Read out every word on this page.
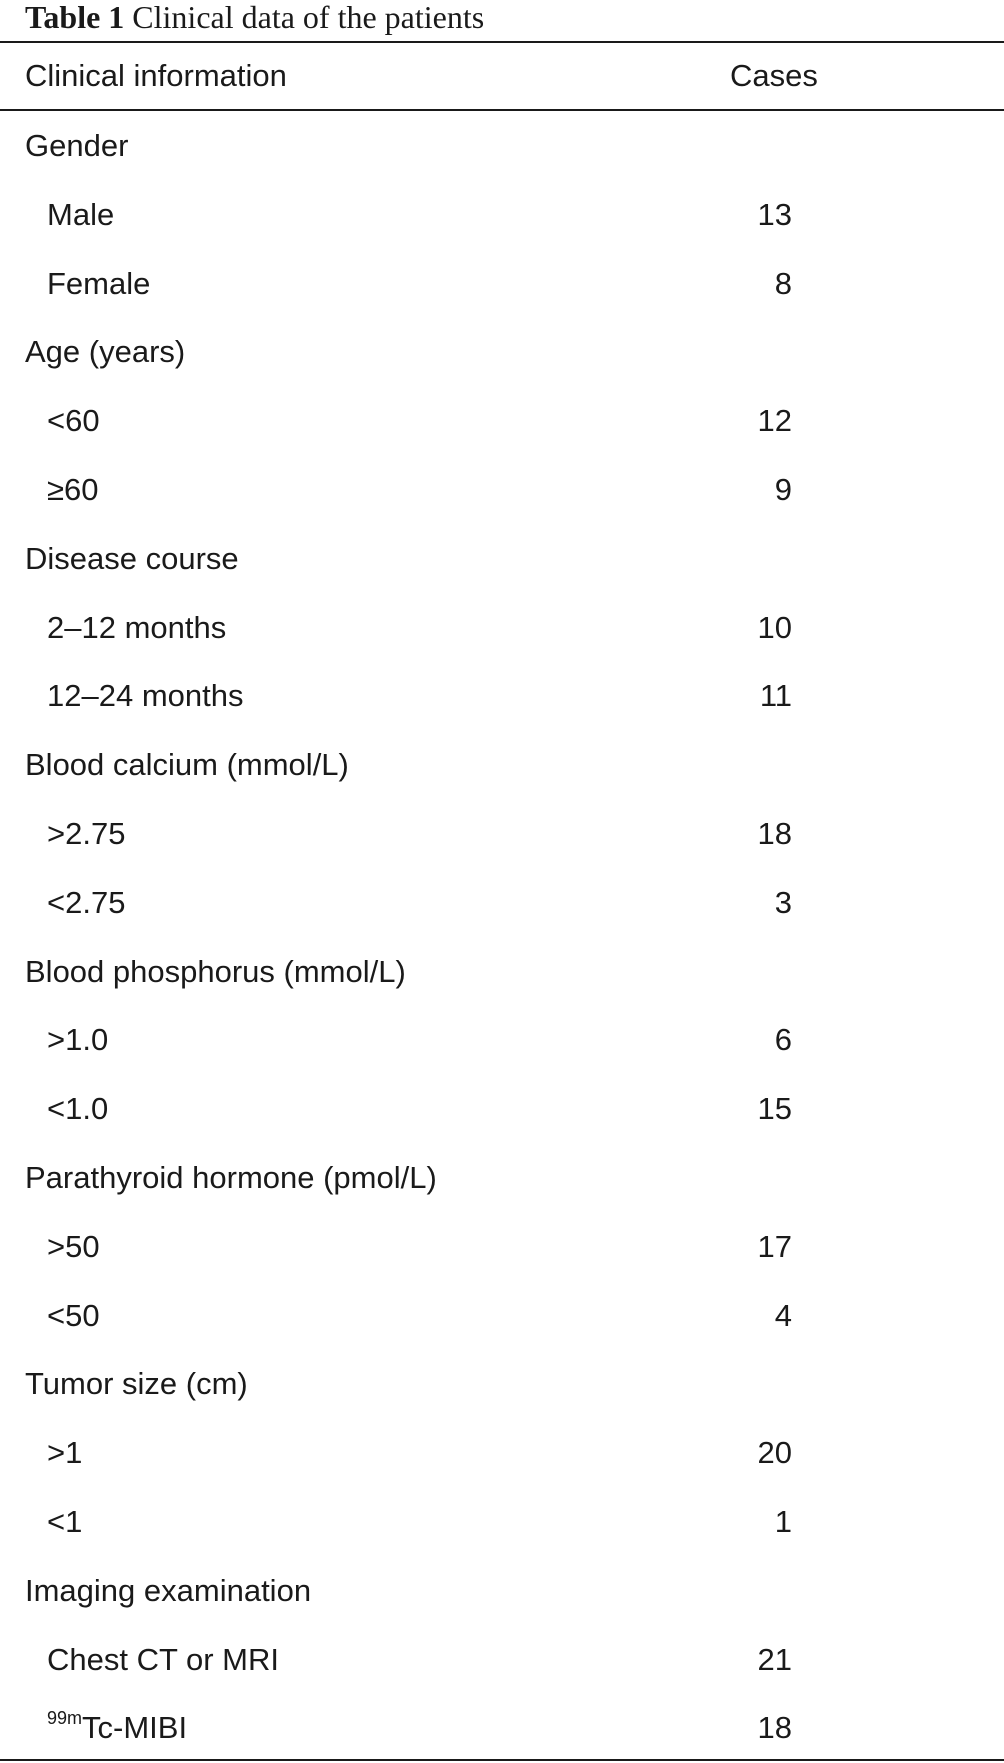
Table 1 Clinical data of the patients
Clinical information	Cases
Gender
Male	13
Female	8
Age (years)
<60	12
≥60	9
Disease course
2–12 months	10
12–24 months	11
Blood calcium (mmol/L)
>2.75	18
<2.75	3
Blood phosphorus (mmol/L)
>1.0	6
<1.0	15
Parathyroid hormone (pmol/L)
>50	17
<50	4
Tumor size (cm)
>1	20
<1	1
Imaging examination
Chest CT or MRI	21
$^{99m}$Tc-MIBI	18
